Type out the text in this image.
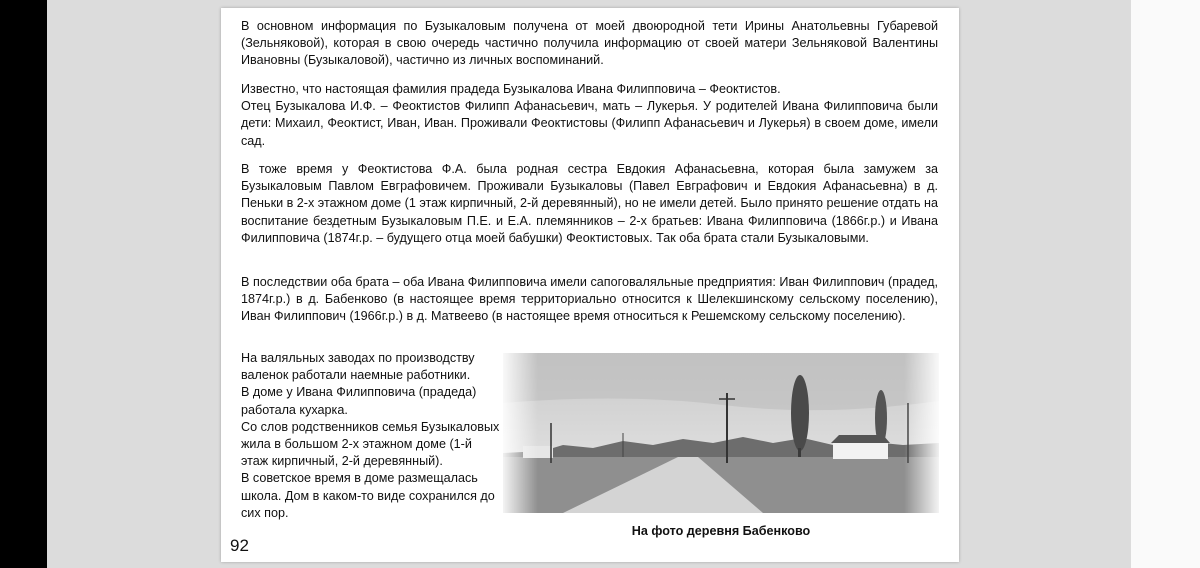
В основном информация по Бузыкаловым получена от моей двоюродной тети Ирины Анатольевны Губаревой (Зельняковой), которая в свою очередь частично получила информацию от своей матери Зельняковой Валентины Ивановны (Бузыкаловой), частично из личных воспоминаний.

Известно, что настоящая фамилия прадеда Бузыкалова Ивана Филипповича – Феоктистов.
Отец Бузыкалова И.Ф. – Феоктистов Филипп Афанасьевич, мать – Лукерья. У родителей Ивана Филипповича были дети: Михаил, Феоктист, Иван, Иван. Проживали Феоктистовы (Филипп Афанасьевич и Лукерья) в своем доме, имели сад.

В тоже время у Феоктистова Ф.А. была родная сестра Евдокия Афанасьевна, которая была замужем за Бузыкаловым Павлом Евграфовичем. Проживали Бузыкаловы (Павел Евграфович и Евдокия Афанасьевна) в д. Пеньки в 2-х этажном доме (1 этаж кирпичный, 2-й деревянный), но не имели детей. Было принято решение отдать на воспитание бездетным Бузыкаловым П.Е. и Е.А. племянников – 2-х братьев: Ивана Филипповича (1866г.р.) и Ивана Филипповича (1874г.р. – будущего отца моей бабушки) Феоктистовых. Так оба брата стали Бузыкаловыми.

В последствии оба брата – оба Ивана Филипповича имели сапоговаляльные предприятия: Иван Филиппович (прадед, 1874г.р.) в д. Бабенково (в настоящее время территориально относится к Шелекшинскому сельскому поселению), Иван Филиппович (1966г.р.) в д. Матвеево (в настоящее время относиться к Решемскому сельскому поселению).

На валяльных заводах по производству валенок работали наемные работники.
В доме у Ивана Филипповича (прадеда) работала кухарка.
Со слов родственников семья Бузыкаловых жила в большом 2-х этажном доме (1-й этаж кирпичный, 2-й деревянный).
В советское время в доме размещалась школа. Дом в каком-то виде сохранился до сих пор.

На фото деревня Бабенково
92
